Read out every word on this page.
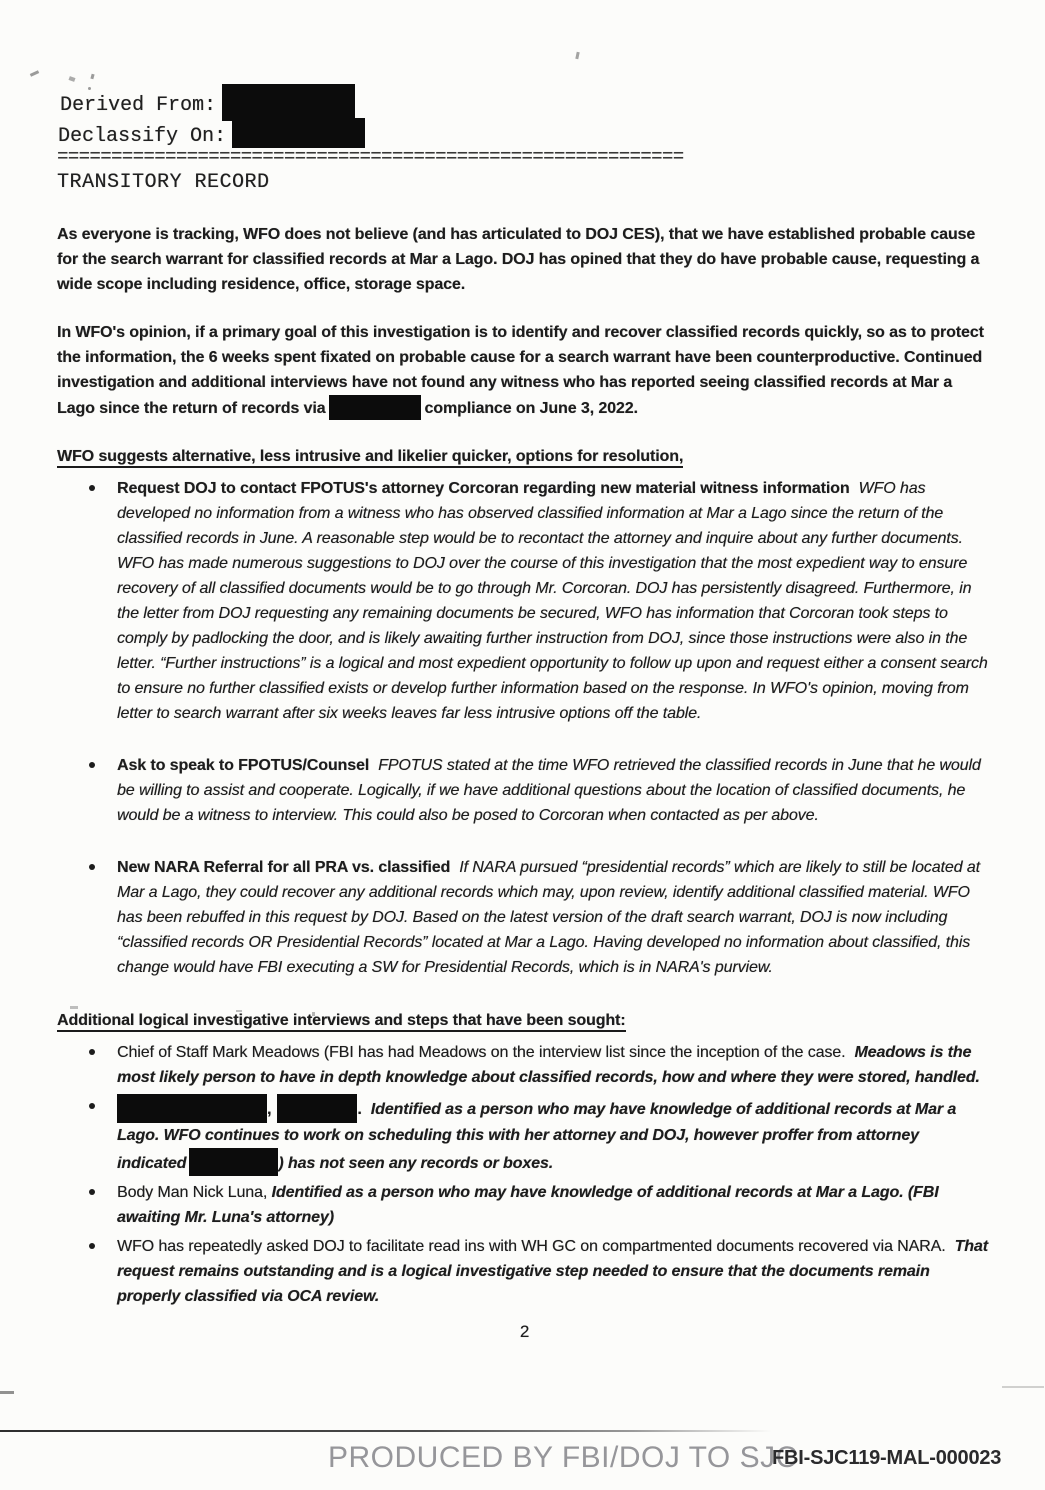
Derived From:
Declassify On:
==========================================================
TRANSITORY RECORD

As everyone is tracking, WFO does not believe (and has articulated to DOJ CES), that we have established probable cause for the search warrant for classified records at Mar a Lago. DOJ has opined that they do have probable cause, requesting a wide scope including residence, office, storage space.

In WFO's opinion, if a primary goal of this investigation is to identify and recover classified records quickly, so as to protect the information, the 6 weeks spent fixated on probable cause for a search warrant have been counterproductive. Continued investigation and additional interviews have not found any witness who has reported seeing classified records at Mar a Lago since the return of records via	compliance on June 3, 2022.

WFO suggests alternative, less intrusive and likelier quicker, options for resolution,
Request DOJ to contact FPOTUS's attorney Corcoran regarding new material witness information WFO has developed no information from a witness who has observed classified information at Mar a Lago since the return of the classified records in June. A reasonable step would be to recontact the attorney and inquire about any further documents. WFO has made numerous suggestions to DOJ over the course of this investigation that the most expedient way to ensure recovery of all classified documents would be to go through Mr. Corcoran. DOJ has persistently disagreed. Furthermore, in the letter from DOJ requesting any remaining documents be secured, WFO has information that Corcoran took steps to comply by padlocking the door, and is likely awaiting further instruction from DOJ, since those instructions were also in the letter. “Further instructions” is a logical and most expedient opportunity to follow up upon and request either a consent search to ensure no further classified exists or develop further information based on the response. In WFO's opinion, moving from letter to search warrant after six weeks leaves far less intrusive options off the table.
Ask to speak to FPOTUS/Counsel FPOTUS stated at the time WFO retrieved the classified records in June that he would be willing to assist and cooperate. Logically, if we have additional questions about the location of classified documents, he would be a witness to interview. This could also be posed to Corcoran when contacted as per above.
New NARA Referral for all PRA vs. classified If NARA pursued “presidential records” which are likely to still be located at Mar a Lago, they could recover any additional records which may, upon review, identify additional classified material. WFO has been rebuffed in this request by DOJ. Based on the latest version of the draft search warrant, DOJ is now including “classified records OR Presidential Records” located at Mar a Lago. Having developed no information about classified, this change would have FBI executing a SW for Presidential Records, which is in NARA's purview.
Additional logical investigative interviews and steps that have been sought:
Chief of Staff Mark Meadows (FBI has had Meadows on the interview list since the inception of the case. Meadows is the most likely person to have in depth knowledge about classified records, how and where they were stored, handled.
,	. Identified as a person who may have knowledge of additional records at Mar a Lago. WFO continues to work on scheduling this with her attorney and DOJ, however proffer from attorney indicated	) has not seen any records or boxes.
Body Man Nick Luna, Identified as a person who may have knowledge of additional records at Mar a Lago. (FBI awaiting Mr. Luna's attorney)
WFO has repeatedly asked DOJ to facilitate read ins with WH GC on compartmented documents recovered via NARA. That request remains outstanding and is a logical investigative step needed to ensure that the documents remain properly classified via OCA review.
2
PRODUCED BY FBI/DOJ TO SJC
FBI-SJC119-MAL-000023
